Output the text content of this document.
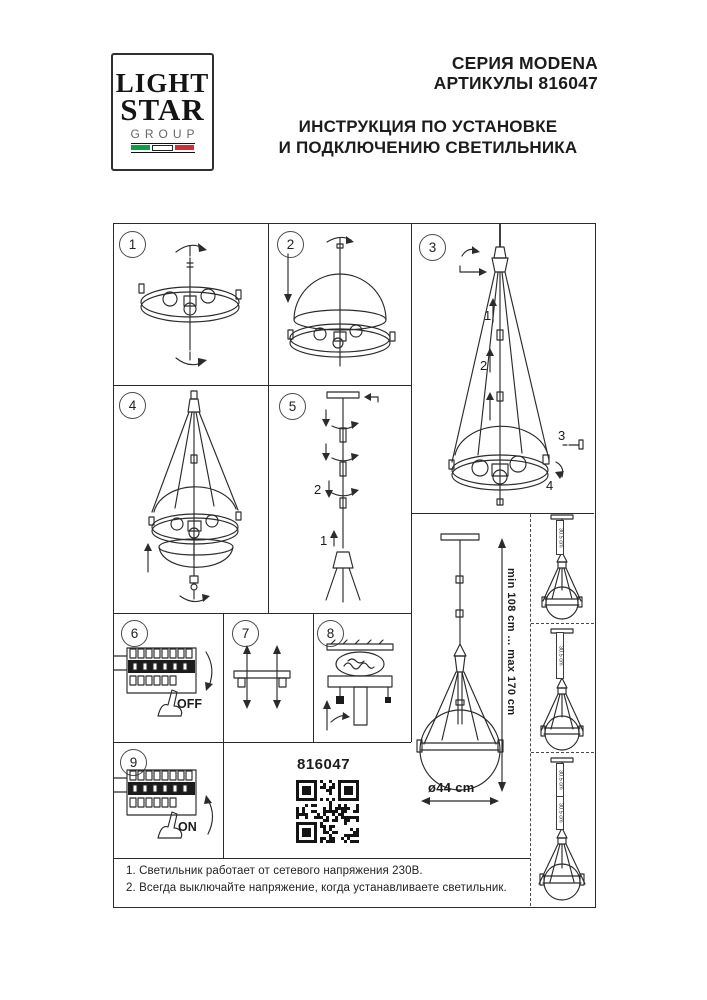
LIGHT
STAR
GROUP
СЕРИЯ MODENA
АРТИКУЛЫ 816047
ИНСТРУКЦИЯ ПО УСТАНОВКЕ
И ПОДКЛЮЧЕНИЮ СВЕТИЛЬНИКА
1	2	3
4	5
6	7	8
9
1
2
3
4
2
1
OFF
ON
816047
min 108 cm ... max 170 cm
ø44 cm
30.5 cm
30.5 cm
30.5 cm
30.5 cm
1. Светильник работает от сетевого напряжения 230В.
2. Всегда выключайте напряжение, когда устанавливаете светильник.
